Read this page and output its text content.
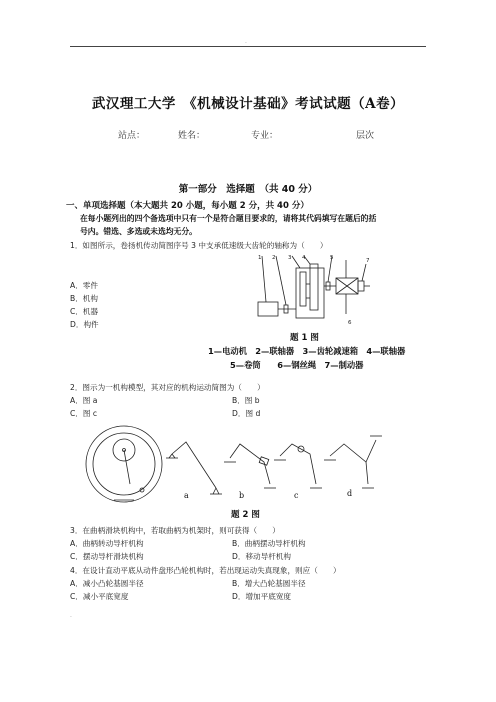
.
武汉理工大学　《机械设计基础》考试试题（A卷）
站点：	姓名：	专业：	层次
第一部分　选择题　（共 40 分）
一、单项选择题（本大题共 20 小题，每小题 2 分，共 40 分）
在每小题列出的四个备选项中只有一个是符合题目要求的，请将其代码填写在题后的括
号内。错选、多选或未选均无分。
1．如图所示，卷扬机传动简图序号 3 中支承低速级大齿轮的轴称为（　　）
A．零件
B．机构
C．机器
D．构件
1 2 3 4	5
6
7
题 1 图
1—电动机　2—联轴器　3—齿轮减速箱　4—联轴器
5—卷筒　　6—钢丝绳　7—制动器
2．图示为一机构模型，其对应的机构运动简图为（　　）
A．图 a	B．图 b
C．图 c	D．图 d
a	b	c	d
题 2 图
3．在曲柄滑块机构中，若取曲柄为机架时，则可获得（　　）
A．曲柄转动导杆机构	B．曲柄摆动导杆机构
C．摆动导杆滑块机构	D．移动导杆机构
4．在设计直动平底从动件盘形凸轮机构时，若出现运动失真现象，则应（　　）
A．减小凸轮基圆半径	B．增大凸轮基圆半径
C．减小平底宽度	D．增加平底宽度
.
